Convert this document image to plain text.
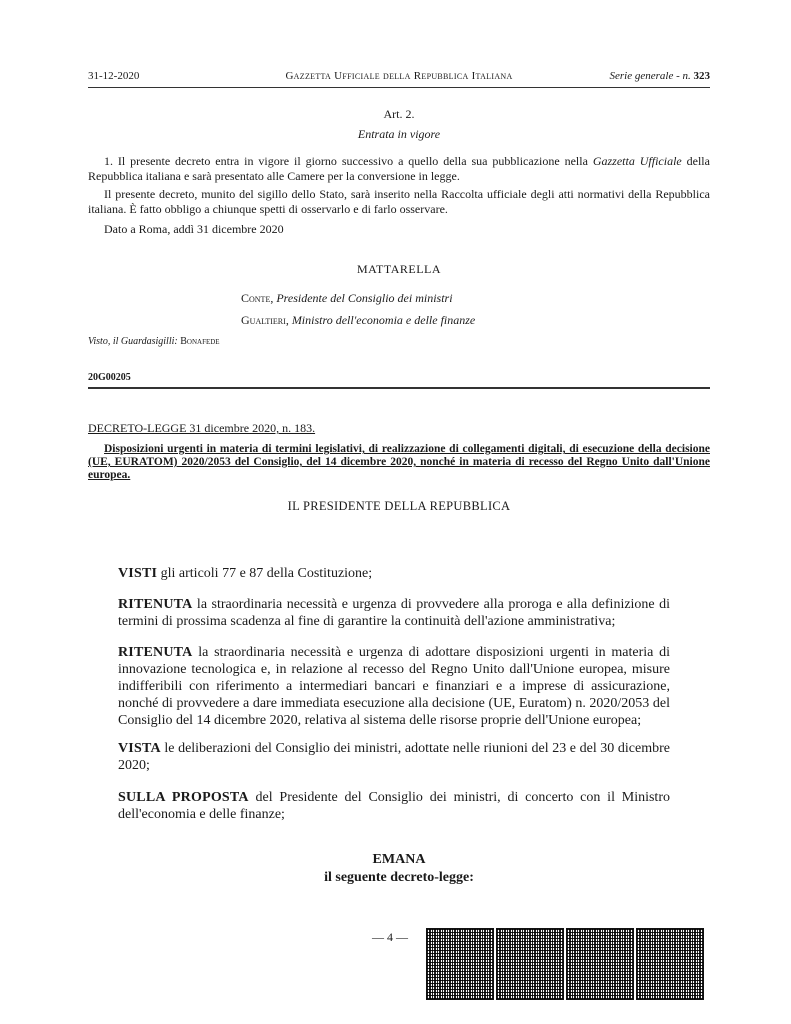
31-12-2020	Gazzetta Ufficiale della Repubblica Italiana	Serie generale - n. 323
Art. 2.
Entrata in vigore
1. Il presente decreto entra in vigore il giorno successivo a quello della sua pubblicazione nella Gazzetta Ufficiale della Repubblica italiana e sarà presentato alle Camere per la conversione in legge.
Il presente decreto, munito del sigillo dello Stato, sarà inserito nella Raccolta ufficiale degli atti normativi della Repubblica italiana. È fatto obbligo a chiunque spetti di osservarlo e di farlo osservare.
Dato a Roma, addì 31 dicembre 2020
MATTARELLA
Conte, Presidente del Consiglio dei ministri
Gualtieri, Ministro dell'economia e delle finanze
Visto, il Guardasigilli: Bonafede
20G00205
DECRETO-LEGGE 31 dicembre 2020, n. 183.
Disposizioni urgenti in materia di termini legislativi, di realizzazione di collegamenti digitali, di esecuzione della decisione (UE, EURATOM) 2020/2053 del Consiglio, del 14 dicembre 2020, nonché in materia di recesso del Regno Unito dall'Unione europea.
IL PRESIDENTE DELLA REPUBBLICA
VISTI gli articoli 77 e 87 della Costituzione;
RITENUTA la straordinaria necessità e urgenza di provvedere alla proroga e alla definizione di termini di prossima scadenza al fine di garantire la continuità dell'azione amministrativa;
RITENUTA la straordinaria necessità e urgenza di adottare disposizioni urgenti in materia di innovazione tecnologica e, in relazione al recesso del Regno Unito dall'Unione europea, misure indifferibili con riferimento a intermediari bancari e finanziari e a imprese di assicurazione, nonché di provvedere a dare immediata esecuzione alla decisione (UE, Euratom) n. 2020/2053 del Consiglio del 14 dicembre 2020, relativa al sistema delle risorse proprie dell'Unione europea;
VISTA le deliberazioni del Consiglio dei ministri, adottate nelle riunioni del 23 e del 30 dicembre 2020;
SULLA PROPOSTA del Presidente del Consiglio dei ministri, di concerto con il Ministro dell'economia e delle finanze;
EMANA
il seguente decreto-legge:
— 4 —
